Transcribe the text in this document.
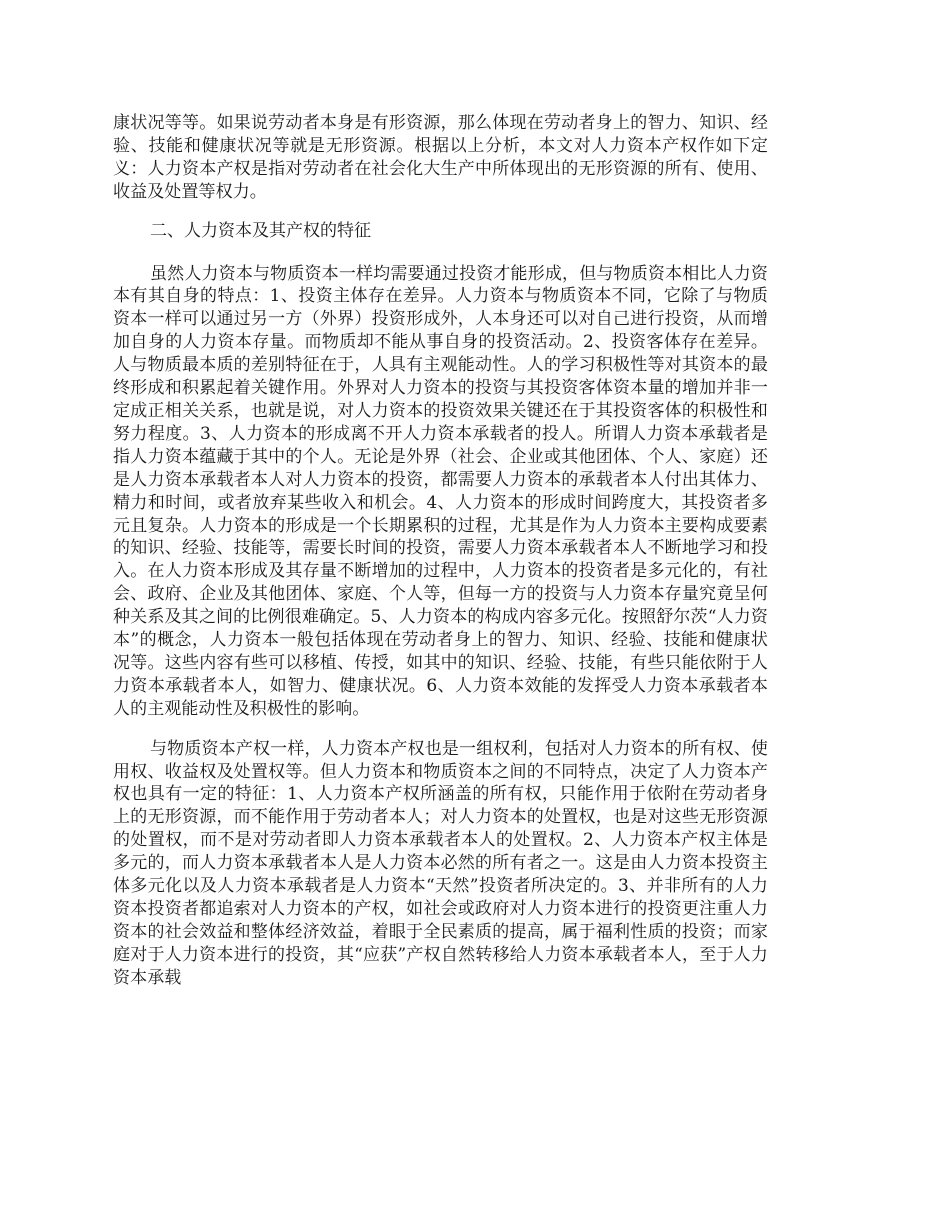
康状况等等。如果说劳动者本身是有形资源，那么体现在劳动者身上的智力、知识、经验、技能和健康状况等就是无形资源。根据以上分析，本文对人力资本产权作如下定义：人力资本产权是指对劳动者在社会化大生产中所体现出的无形资源的所有、使用、收益及处置等权力。

二、人力资本及其产权的特征

虽然人力资本与物质资本一样均需要通过投资才能形成，但与物质资本相比人力资本有其自身的特点：1、投资主体存在差异。人力资本与物质资本不同，它除了与物质资本一样可以通过另一方（外界）投资形成外，人本身还可以对自己进行投资，从而增加自身的人力资本存量。而物质却不能从事自身的投资活动。2、投资客体存在差异。人与物质最本质的差别特征在于，人具有主观能动性。人的学习积极性等对其资本的最终形成和积累起着关键作用。外界对人力资本的投资与其投资客体资本量的增加并非一定成正相关关系，也就是说，对人力资本的投资效果关键还在于其投资客体的积极性和努力程度。3、人力资本的形成离不开人力资本承载者的投人。所谓人力资本承载者是指人力资本蕴藏于其中的个人。无论是外界（社会、企业或其他团体、个人、家庭）还是人力资本承载者本人对人力资本的投资，都需要人力资本的承载者本人付出其体力、精力和时间，或者放弃某些收入和机会。4、人力资本的形成时间跨度大，其投资者多元且复杂。人力资本的形成是一个长期累积的过程，尤其是作为人力资本主要构成要素的知识、经验、技能等，需要长时间的投资，需要人力资本承载者本人不断地学习和投入。在人力资本形成及其存量不断增加的过程中，人力资本的投资者是多元化的，有社会、政府、企业及其他团体、家庭、个人等，但每一方的投资与人力资本存量究竟呈何种关系及其之间的比例很难确定。5、人力资本的构成内容多元化。按照舒尔茨“人力资本”的概念，人力资本一般包括体现在劳动者身上的智力、知识、经验、技能和健康状况等。这些内容有些可以移植、传授，如其中的知识、经验、技能，有些只能依附于人力资本承载者本人，如智力、健康状况。6、人力资本效能的发挥受人力资本承载者本人的主观能动性及积极性的影响。

与物质资本产权一样，人力资本产权也是一组权利，包括对人力资本的所有权、使用权、收益权及处置权等。但人力资本和物质资本之间的不同特点，决定了人力资本产权也具有一定的特征：1、人力资本产权所涵盖的所有权，只能作用于依附在劳动者身上的无形资源，而不能作用于劳动者本人；对人力资本的处置权，也是对这些无形资源的处置权，而不是对劳动者即人力资本承载者本人的处置权。2、人力资本产权主体是多元的，而人力资本承载者本人是人力资本必然的所有者之一。这是由人力资本投资主体多元化以及人力资本承载者是人力资本“天然”投资者所决定的。3、并非所有的人力资本投资者都追索对人力资本的产权，如社会或政府对人力资本进行的投资更注重人力资本的社会效益和整体经济效益，着眼于全民素质的提高，属于福利性质的投资；而家庭对于人力资本进行的投资，其“应获”产权自然转移给人力资本承载者本人，至于人力资本承载
